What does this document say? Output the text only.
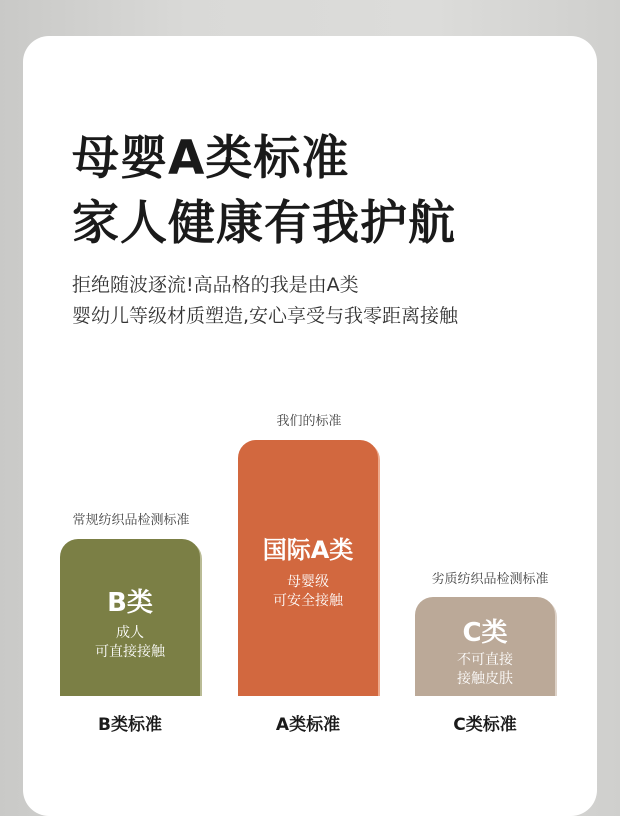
母婴A类标准
家人健康有我护航

拒绝随波逐流!高品格的我是由A类

婴幼儿等级材质塑造,安心享受与我零距离接触

常规纺织品检测标准
B类
成人
可直接接触
B类标准
我们的标准
国际A类
母婴级
可安全接触
A类标准
劣质纺织品检测标准
C类
不可直接
接触皮肤
C类标准
